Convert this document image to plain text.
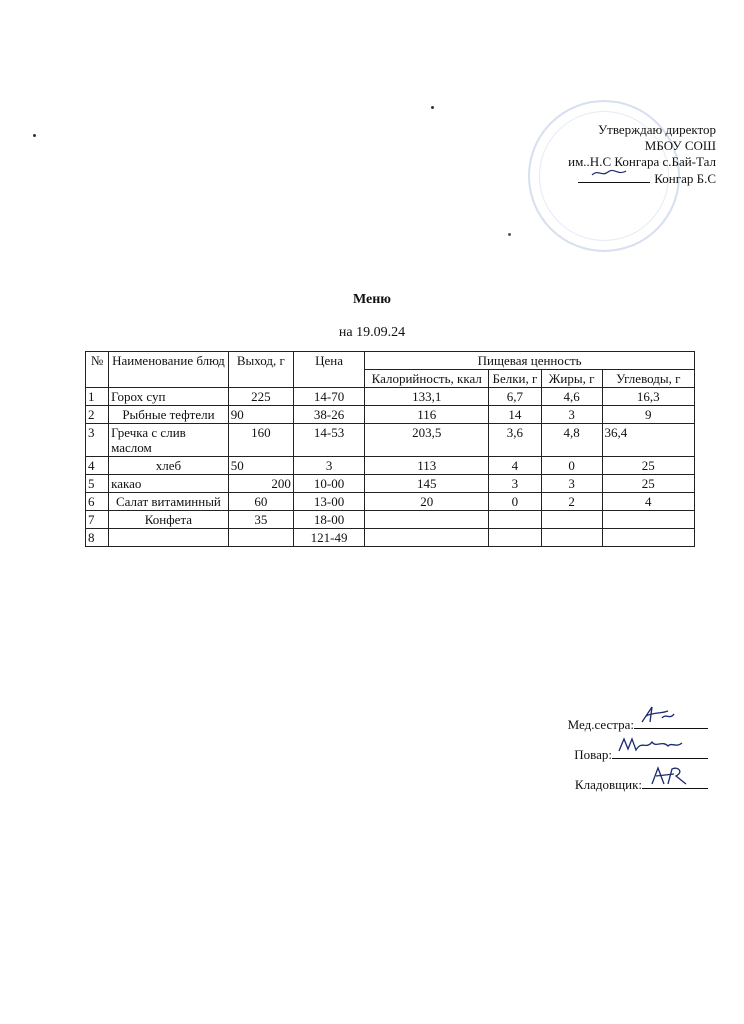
Утверждаю директор
МБОУ СОШ
им..Н.С Конгара с.Бай-Тал
Конгар Б.С
Меню
на 19.09.24
№	Наименование блюд	Выход, г	Цена	Пищевая ценность			
				Калорийность, ккал	Белки, г	Жиры, г	Углеводы, г
1	Горох суп	225	14-70	133,1	6,7	4,6	16,3
2	Рыбные тефтели	90	38-26	116	14	3	9
3	Гречка с слив маслом	160	14-53	203,5	3,6	4,8	36,4
4	хлеб	50	3	113	4	0	25
5	какао	200	10-00	145	3	3	25
6	Салат витаминный	60	13-00	20	0	2	4
7	Конфета	35	18-00				
8			121-49				
Мед.сестра:
Повар:
Кладовщик:
